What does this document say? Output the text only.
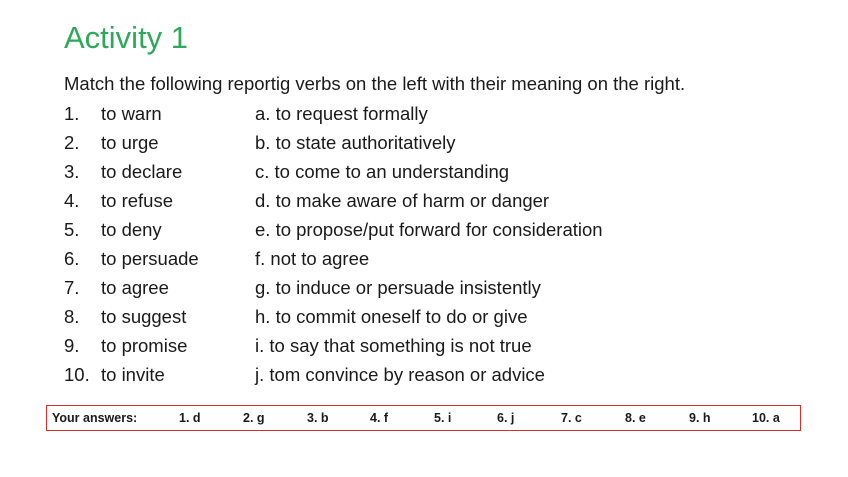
Activity 1
Match the following reportig verbs on the left with their meaning on the right.
1. to warn	a. to request formally
2. to urge	b. to state authoritatively
3. to declare	c. to come to an understanding
4. to refuse	d. to make aware of harm or danger
5. to deny	e. to propose/put forward for consideration
6. to persuade	f. not to agree
7. to agree	g. to induce or persuade insistently
8. to suggest	h. to commit oneself to do or give
9. to promise	i. to say that something is not true
10. to invite	j. tom convince by reason or advice
Your answers:	1. d	2. g	3. b	4. f	5. i	6. j	7. c	8. e	9. h	10. a
